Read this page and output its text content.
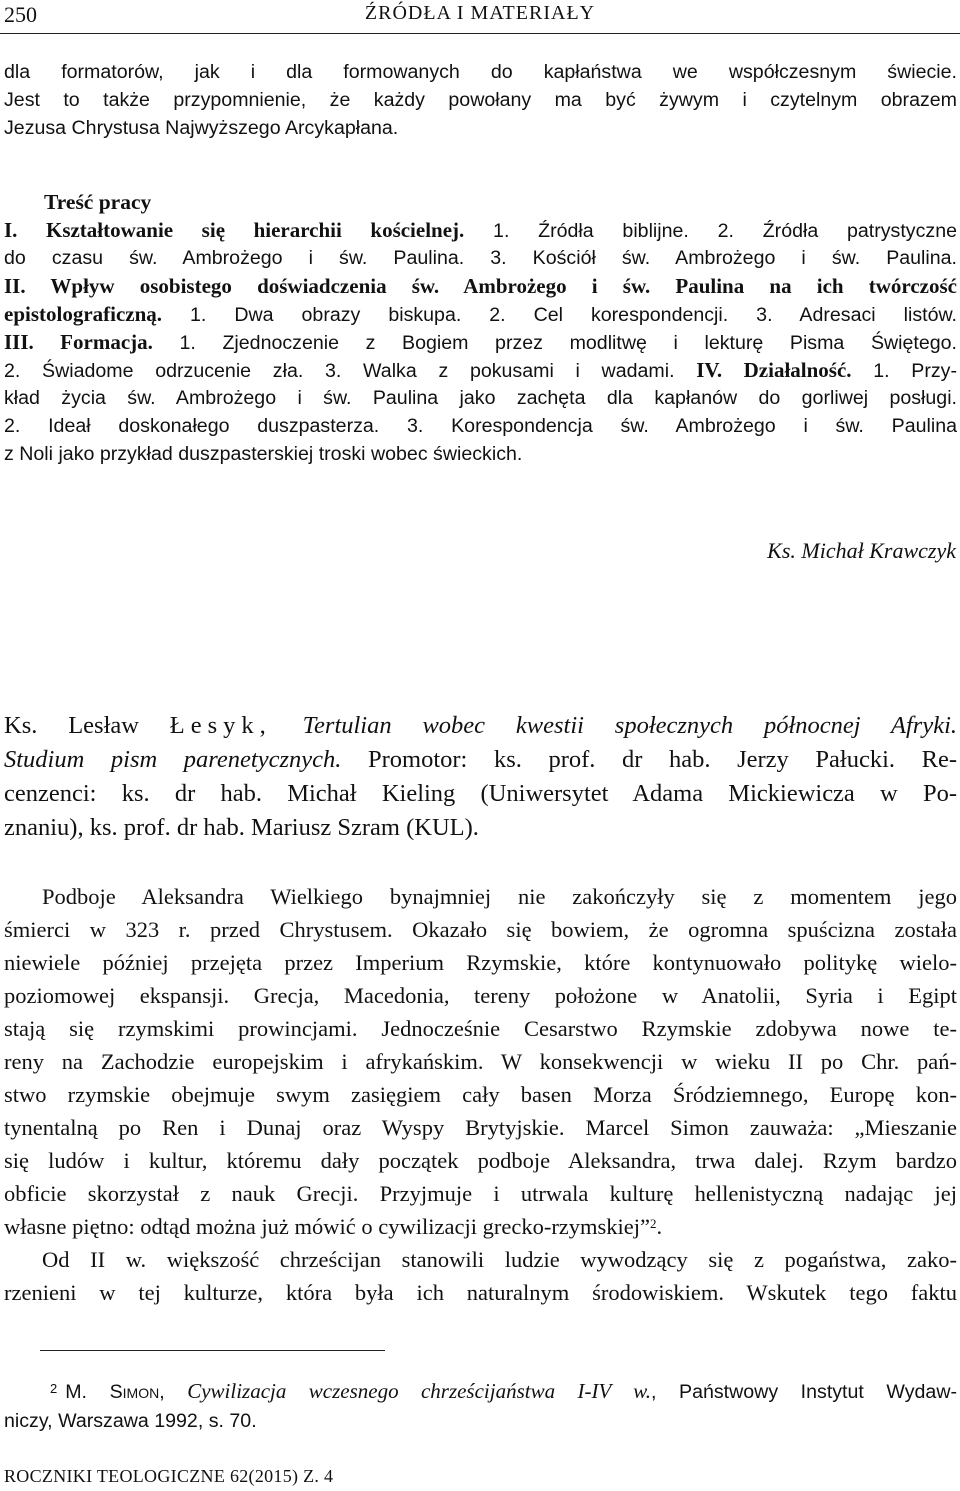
250	ŹRÓDŁA I MATERIAŁY
dla formatorów, jak i dla formowanych do kapłaństwa we współczesnym świecie.
Jest to także przypomnienie, że każdy powołany ma być żywym i czytelnym obrazem
Jezusa Chrystusa Najwyższego Arcykapłana.
Treść pracy
I. Kształtowanie się hierarchii kościelnej. 1. Źródła biblijne. 2. Źródła patrystyczne
do czasu św. Ambrożego i św. Paulina. 3. Kościół św. Ambrożego i św. Paulina.
II. Wpływ osobistego doświadczenia św. Ambrożego i św. Paulina na ich twórczość
epistolograficzną. 1. Dwa obrazy biskupa. 2. Cel korespondencji. 3. Adresaci listów.
III. Formacja. 1. Zjednoczenie z Bogiem przez modlitwę i lekturę Pisma Świętego.
2. Świadome odrzucenie zła. 3. Walka z pokusami i wadami. IV. Działalność. 1. Przy-
kład życia św. Ambrożego i św. Paulina jako zachęta dla kapłanów do gorliwej posługi.
2. Ideał doskonałego duszpasterza. 3. Korespondencja św. Ambrożego i św. Paulina
z Noli jako przykład duszpasterskiej troski wobec świeckich.
Ks. Michał Krawczyk
Ks. Lesław Łesyk, Tertulian wobec kwestii społecznych północnej Afryki.
Studium pism parenetycznych. Promotor: ks. prof. dr hab. Jerzy Pałucki. Re-
cenzenci: ks. dr hab. Michał Kieling (Uniwersytet Adama Mickiewicza w Po-
znaniu), ks. prof. dr hab. Mariusz Szram (KUL).
Podboje Aleksandra Wielkiego bynajmniej nie zakończyły się z momentem jego
śmierci w 323 r. przed Chrystusem. Okazało się bowiem, że ogromna spuścizna została
niewiele później przejęta przez Imperium Rzymskie, które kontynuowało politykę wielo-
poziomowej ekspansji. Grecja, Macedonia, tereny położone w Anatolii, Syria i Egipt
stają się rzymskimi prowincjami. Jednocześnie Cesarstwo Rzymskie zdobywa nowe te-
reny na Zachodzie europejskim i afrykańskim. W konsekwencji w wieku II po Chr. pań-
stwo rzymskie obejmuje swym zasięgiem cały basen Morza Śródziemnego, Europę kon-
tynentalną po Ren i Dunaj oraz Wyspy Brytyjskie. Marcel Simon zauważa: „Mieszanie
się ludów i kultur, któremu dały początek podboje Aleksandra, trwa dalej. Rzym bardzo
obficie skorzystał z nauk Grecji. Przyjmuje i utrwala kulturę hellenistyczną nadając jej
własne piętno: odtąd można już mówić o cywilizacji grecko-rzymskiej”$^2$.
Od II w. większość chrześcijan stanowili ludzie wywodzący się z pogaństwa, zako-
rzenieni w tej kulturze, która była ich naturalnym środowiskiem. Wskutek tego faktu
$^2$ M. Simon, Cywilizacja wczesnego chrześcijaństwa I-IV w., Państwowy Instytut Wydaw-
niczy, Warszawa 1992, s. 70.
ROCZNIKI TEOLOGICZNE 62(2015) Z. 4
